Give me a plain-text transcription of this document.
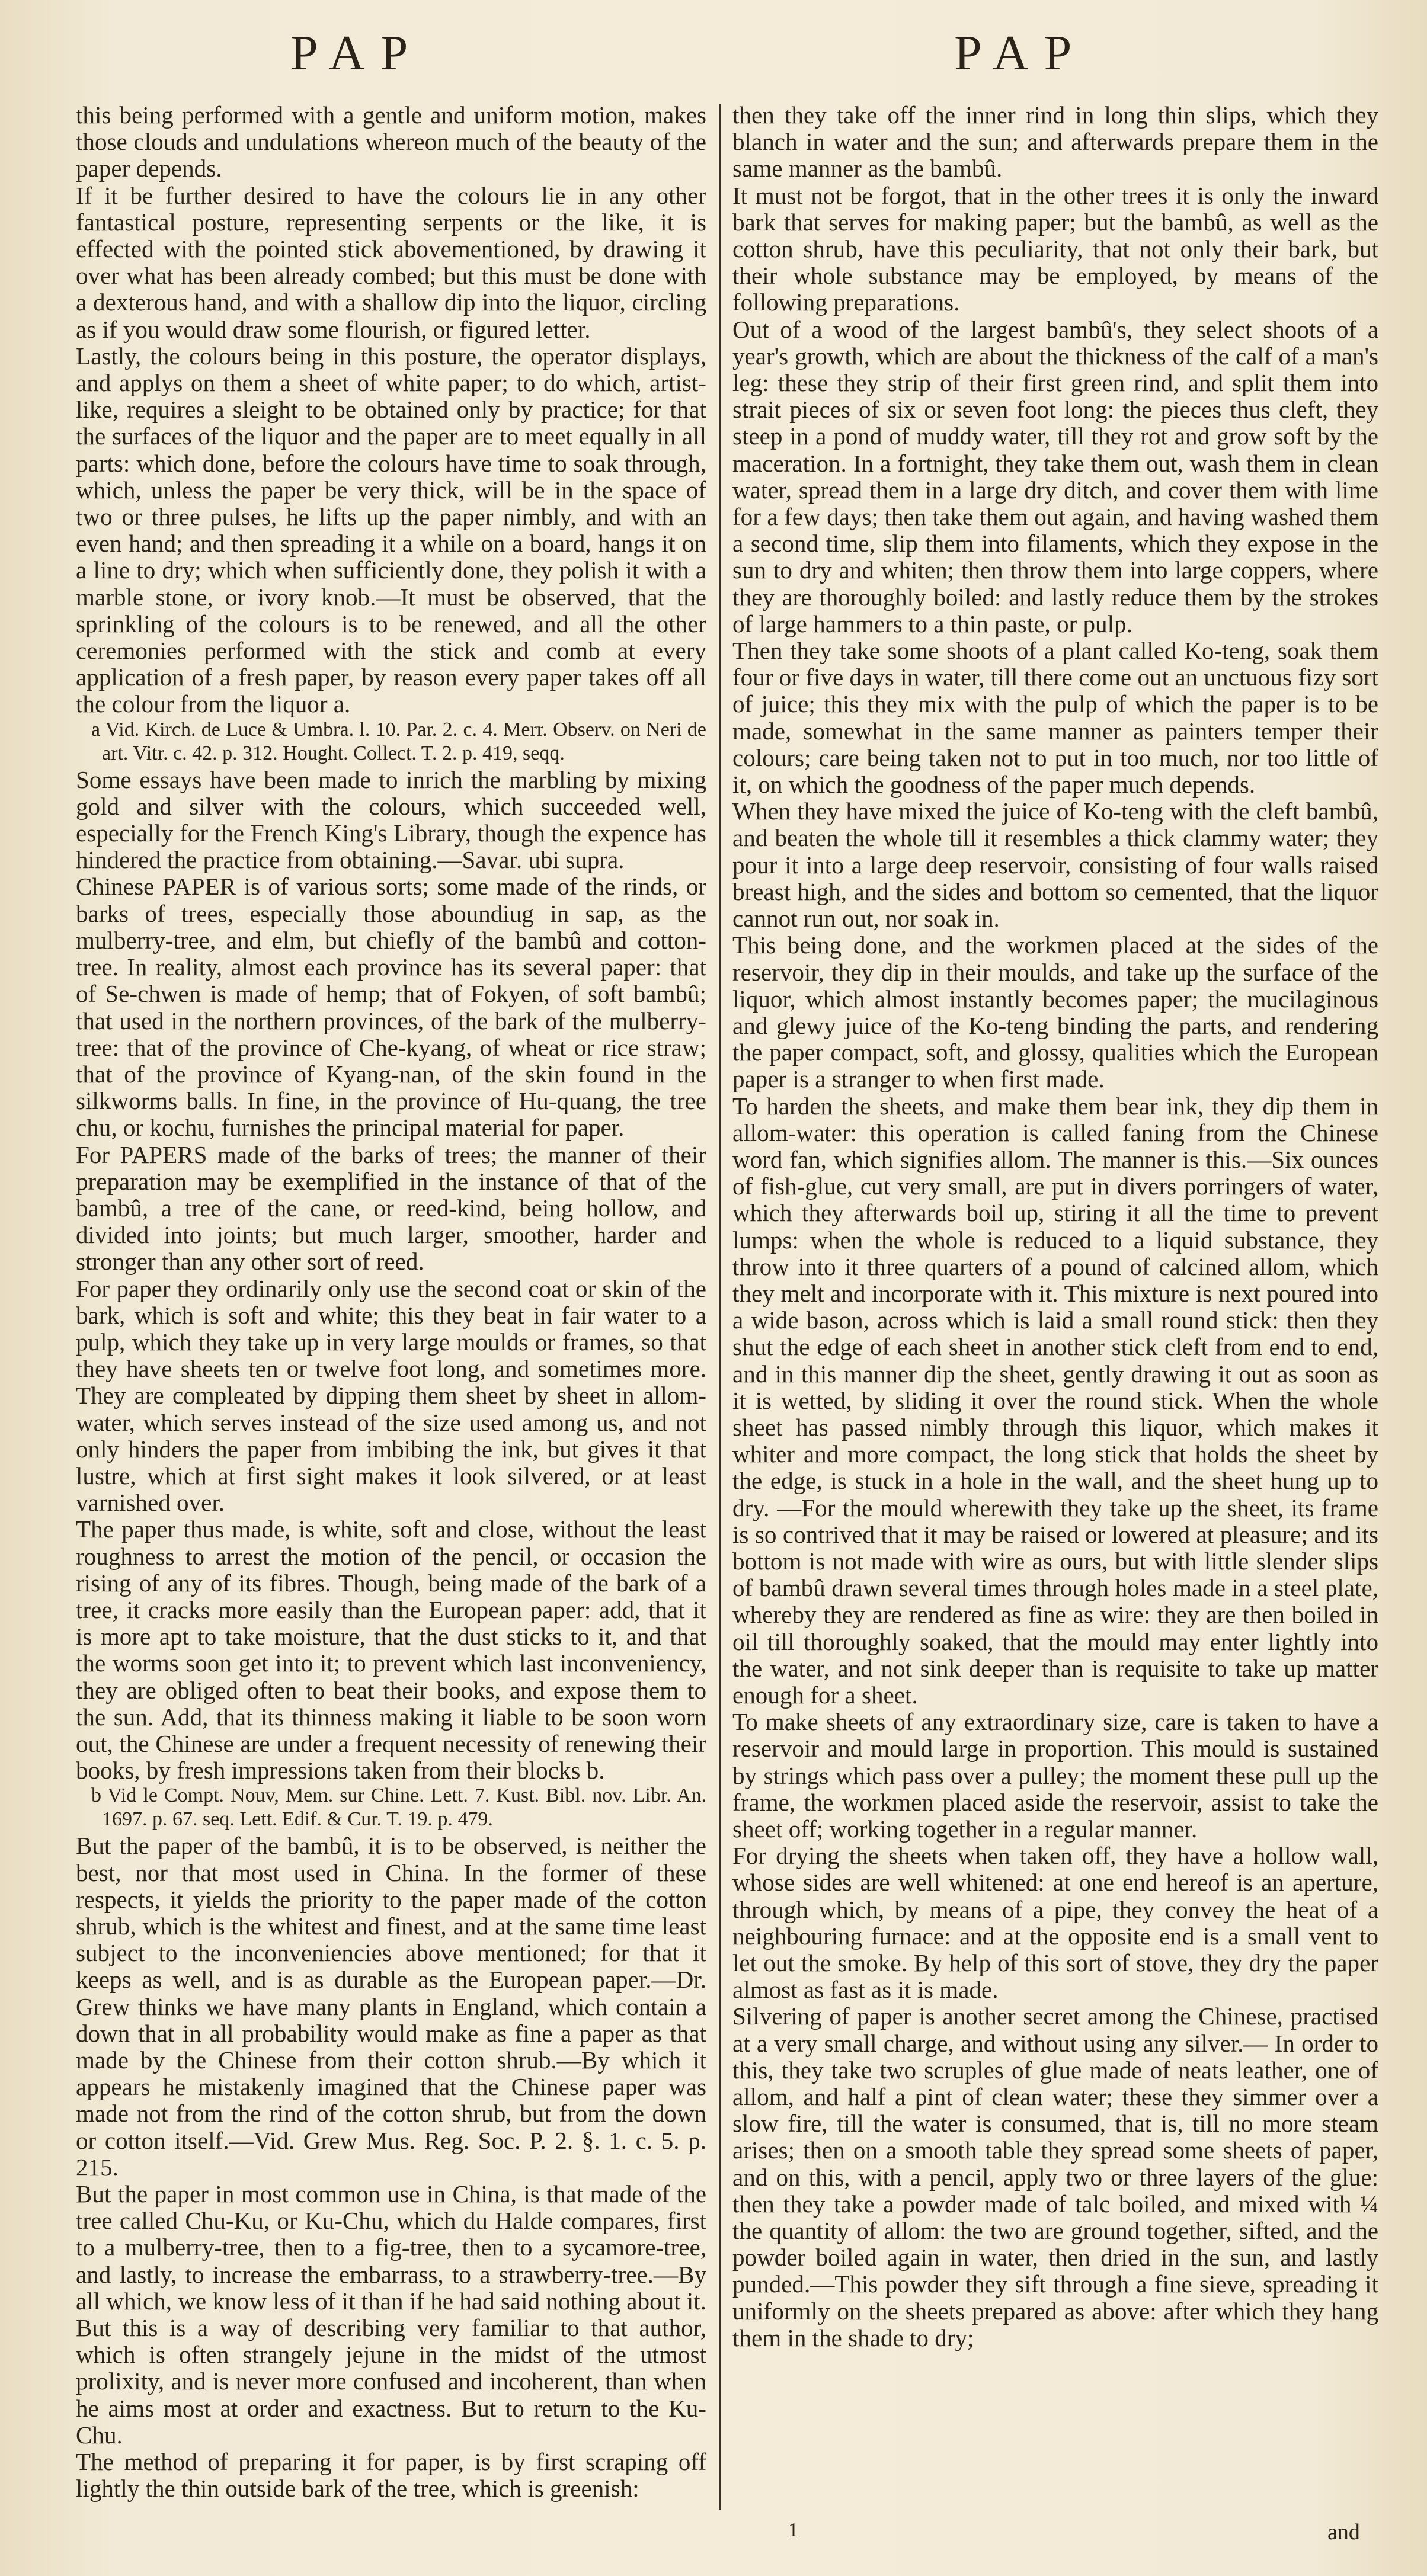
PAP	PAP

this being performed with a gentle and uniform motion, makes those clouds and undulations whereon much of the beauty of the paper depends.

If it be further desired to have the colours lie in any other fantastical posture, representing serpents or the like, it is effected with the pointed stick abovementioned, by drawing it over what has been already combed; but this must be done with a dexterous hand, and with a shallow dip into the liquor, circling as if you would draw some flourish, or figured letter.

Lastly, the colours being in this posture, the operator displays, and applys on them a sheet of white paper; to do which, artist-like, requires a sleight to be obtained only by practice; for that the surfaces of the liquor and the paper are to meet equally in all parts: which done, before the colours have time to soak through, which, unless the paper be very thick, will be in the space of two or three pulses, he lifts up the paper nimbly, and with an even hand; and then spreading it a while on a board, hangs it on a line to dry; which when sufficiently done, they polish it with a marble stone, or ivory knob.—It must be observed, that the sprinkling of the colours is to be renewed, and all the other ceremonies performed with the stick and comb at every application of a fresh paper, by reason every paper takes off all the colour from the liquor a.

a Vid. Kirch. de Luce & Umbra. l. 10. Par. 2. c. 4. Merr. Observ. on Neri de art. Vitr. c. 42. p. 312. Hought. Collect. T. 2. p. 419, seqq.

Some essays have been made to inrich the marbling by mixing gold and silver with the colours, which succeeded well, especially for the French King's Library, though the expence has hindered the practice from obtaining.—Savar. ubi supra.

Chinese PAPER is of various sorts; some made of the rinds, or barks of trees, especially those aboundiug in sap, as the mulberry-tree, and elm, but chiefly of the bambû and cotton-tree. In reality, almost each province has its several paper: that of Se-chwen is made of hemp; that of Fokyen, of soft bambû; that used in the northern provinces, of the bark of the mulberry-tree: that of the province of Che-kyang, of wheat or rice straw; that of the province of Kyang-nan, of the skin found in the silkworms balls. In fine, in the province of Hu-quang, the tree chu, or kochu, furnishes the principal material for paper.

For PAPERS made of the barks of trees; the manner of their preparation may be exemplified in the instance of that of the bambû, a tree of the cane, or reed-kind, being hollow, and divided into joints; but much larger, smoother, harder and stronger than any other sort of reed.

For paper they ordinarily only use the second coat or skin of the bark, which is soft and white; this they beat in fair water to a pulp, which they take up in very large moulds or frames, so that they have sheets ten or twelve foot long, and sometimes more. They are compleated by dipping them sheet by sheet in allom-water, which serves instead of the size used among us, and not only hinders the paper from imbibing the ink, but gives it that lustre, which at first sight makes it look silvered, or at least varnished over.

The paper thus made, is white, soft and close, without the least roughness to arrest the motion of the pencil, or occasion the rising of any of its fibres. Though, being made of the bark of a tree, it cracks more easily than the European paper: add, that it is more apt to take moisture, that the dust sticks to it, and that the worms soon get into it; to prevent which last inconveniency, they are obliged often to beat their books, and expose them to the sun. Add, that its thinness making it liable to be soon worn out, the Chinese are under a frequent necessity of renewing their books, by fresh impressions taken from their blocks b.

b Vid le Compt. Nouv, Mem. sur Chine. Lett. 7. Kust. Bibl. nov. Libr. An. 1697. p. 67. seq. Lett. Edif. & Cur. T. 19. p. 479.

But the paper of the bambû, it is to be observed, is neither the best, nor that most used in China. In the former of these respects, it yields the priority to the paper made of the cotton shrub, which is the whitest and finest, and at the same time least subject to the inconveniencies above mentioned; for that it keeps as well, and is as durable as the European paper.—Dr. Grew thinks we have many plants in England, which contain a down that in all probability would make as fine a paper as that made by the Chinese from their cotton shrub.—By which it appears he mistakenly imagined that the Chinese paper was made not from the rind of the cotton shrub, but from the down or cotton itself.—Vid. Grew Mus. Reg. Soc. P. 2. §. 1. c. 5. p. 215.

But the paper in most common use in China, is that made of the tree called Chu-Ku, or Ku-Chu, which du Halde compares, first to a mulberry-tree, then to a fig-tree, then to a sycamore-tree, and lastly, to increase the embarrass, to a strawberry-tree.—By all which, we know less of it than if he had said nothing about it. But this is a way of describing very familiar to that author, which is often strangely jejune in the midst of the utmost prolixity, and is never more confused and incoherent, than when he aims most at order and exactness. But to return to the Ku-Chu.

The method of preparing it for paper, is by first scraping off lightly the thin outside bark of the tree, which is greenish:

then they take off the inner rind in long thin slips, which they blanch in water and the sun; and afterwards prepare them in the same manner as the bambû.

It must not be forgot, that in the other trees it is only the inward bark that serves for making paper; but the bambû, as well as the cotton shrub, have this peculiarity, that not only their bark, but their whole substance may be employed, by means of the following preparations.

Out of a wood of the largest bambû's, they select shoots of a year's growth, which are about the thickness of the calf of a man's leg: these they strip of their first green rind, and split them into strait pieces of six or seven foot long: the pieces thus cleft, they steep in a pond of muddy water, till they rot and grow soft by the maceration. In a fortnight, they take them out, wash them in clean water, spread them in a large dry ditch, and cover them with lime for a few days; then take them out again, and having washed them a second time, slip them into filaments, which they expose in the sun to dry and whiten; then throw them into large coppers, where they are thoroughly boiled: and lastly reduce them by the strokes of large hammers to a thin paste, or pulp.

Then they take some shoots of a plant called Ko-teng, soak them four or five days in water, till there come out an unctuous fizy sort of juice; this they mix with the pulp of which the paper is to be made, somewhat in the same manner as painters temper their colours; care being taken not to put in too much, nor too little of it, on which the goodness of the paper much depends.

When they have mixed the juice of Ko-teng with the cleft bambû, and beaten the whole till it resembles a thick clammy water; they pour it into a large deep reservoir, consisting of four walls raised breast high, and the sides and bottom so cemented, that the liquor cannot run out, nor soak in.

This being done, and the workmen placed at the sides of the reservoir, they dip in their moulds, and take up the surface of the liquor, which almost instantly becomes paper; the mucilaginous and glewy juice of the Ko-teng binding the parts, and rendering the paper compact, soft, and glossy, qualities which the European paper is a stranger to when first made.

To harden the sheets, and make them bear ink, they dip them in allom-water: this operation is called faning from the Chinese word fan, which signifies allom. The manner is this.—Six ounces of fish-glue, cut very small, are put in divers porringers of water, which they afterwards boil up, stiring it all the time to prevent lumps: when the whole is reduced to a liquid substance, they throw into it three quarters of a pound of calcined allom, which they melt and incorporate with it. This mixture is next poured into a wide bason, across which is laid a small round stick: then they shut the edge of each sheet in another stick cleft from end to end, and in this manner dip the sheet, gently drawing it out as soon as it is wetted, by sliding it over the round stick. When the whole sheet has passed nimbly through this liquor, which makes it whiter and more compact, the long stick that holds the sheet by the edge, is stuck in a hole in the wall, and the sheet hung up to dry. —For the mould wherewith they take up the sheet, its frame is so contrived that it may be raised or lowered at pleasure; and its bottom is not made with wire as ours, but with little slender slips of bambû drawn several times through holes made in a steel plate, whereby they are rendered as fine as wire: they are then boiled in oil till thoroughly soaked, that the mould may enter lightly into the water, and not sink deeper than is requisite to take up matter enough for a sheet.

To make sheets of any extraordinary size, care is taken to have a reservoir and mould large in proportion. This mould is sustained by strings which pass over a pulley; the moment these pull up the frame, the workmen placed aside the reservoir, assist to take the sheet off; working together in a regular manner.

For drying the sheets when taken off, they have a hollow wall, whose sides are well whitened: at one end hereof is an aperture, through which, by means of a pipe, they convey the heat of a neighbouring furnace: and at the opposite end is a small vent to let out the smoke. By help of this sort of stove, they dry the paper almost as fast as it is made.

Silvering of paper is another secret among the Chinese, practised at a very small charge, and without using any silver.— In order to this, they take two scruples of glue made of neats leather, one of allom, and half a pint of clean water; these they simmer over a slow fire, till the water is consumed, that is, till no more steam arises; then on a smooth table they spread some sheets of paper, and on this, with a pencil, apply two or three layers of the glue: then they take a powder made of talc boiled, and mixed with ¼ the quantity of allom: the two are ground together, sifted, and the powder boiled again in water, then dried in the sun, and lastly punded.—This powder they sift through a fine sieve, spreading it uniformly on the sheets prepared as above: after which they hang them in the shade to dry;

1	and
